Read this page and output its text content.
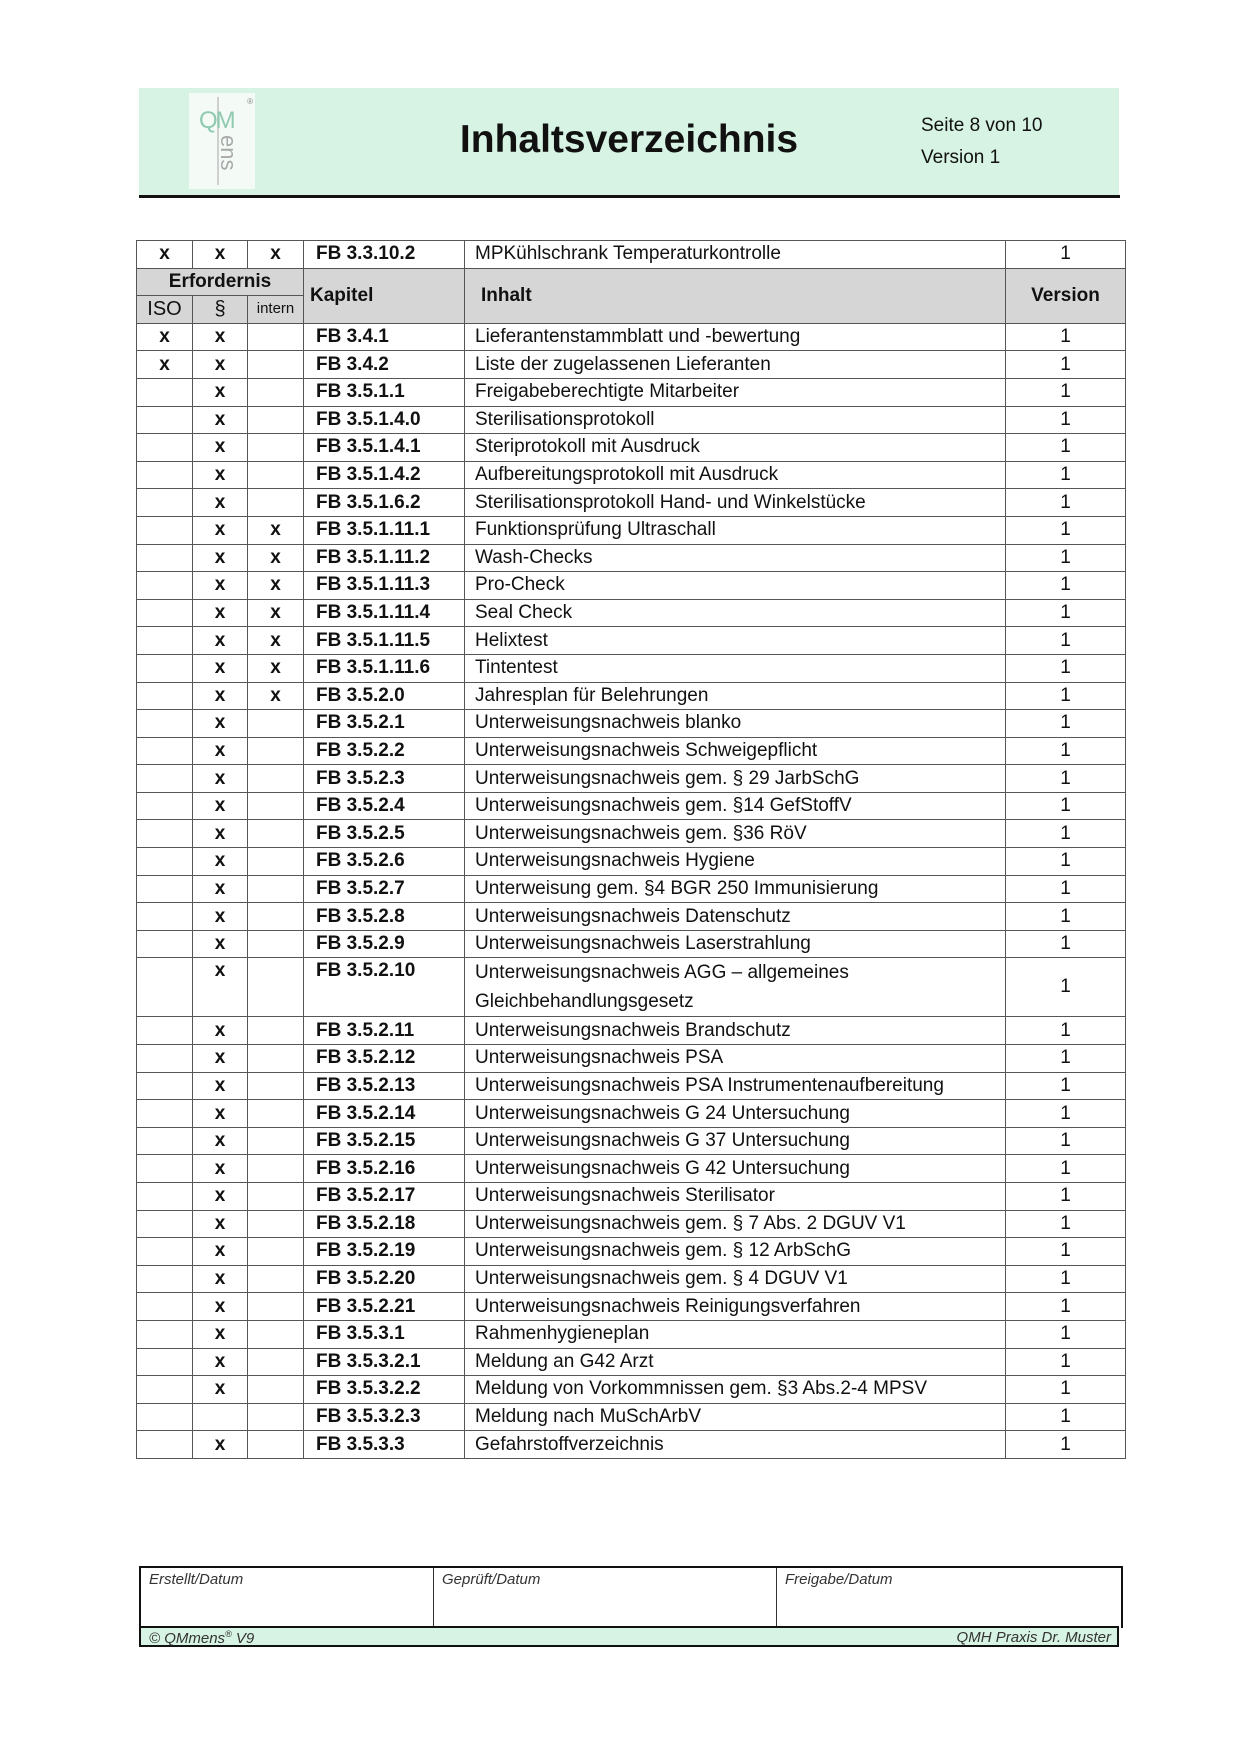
QM
ens
®
Inhaltsverzeichnis	Seite 8 von 10
Version 1
x	x	x	FB 3.3.10.2	MPKühlschrank Temperaturkontrolle	1
Erfordernis			Kapitel	Inhalt	Version
ISO	§	intern			
x	x		FB 3.4.1	Lieferantenstammblatt und -bewertung	1
x	x		FB 3.4.2	Liste der zugelassenen Lieferanten	1
	x		FB 3.5.1.1	Freigabeberechtigte Mitarbeiter	1
	x		FB 3.5.1.4.0	Sterilisationsprotokoll	1
	x		FB 3.5.1.4.1	Steriprotokoll mit Ausdruck	1
	x		FB 3.5.1.4.2	Aufbereitungsprotokoll mit Ausdruck	1
	x		FB 3.5.1.6.2	Sterilisationsprotokoll Hand- und Winkelstücke	1
	x	x	FB 3.5.1.11.1	Funktionsprüfung Ultraschall	1
	x	x	FB 3.5.1.11.2	Wash-Checks	1
	x	x	FB 3.5.1.11.3	Pro-Check	1
	x	x	FB 3.5.1.11.4	Seal Check	1
	x	x	FB 3.5.1.11.5	Helixtest	1
	x	x	FB 3.5.1.11.6	Tintentest	1
	x	x	FB 3.5.2.0	Jahresplan für Belehrungen	1
	x		FB 3.5.2.1	Unterweisungsnachweis blanko	1
	x		FB 3.5.2.2	Unterweisungsnachweis Schweigepflicht	1
	x		FB 3.5.2.3	Unterweisungsnachweis gem. § 29 JarbSchG	1
	x		FB 3.5.2.4	Unterweisungsnachweis gem. §14 GefStoffV	1
	x		FB 3.5.2.5	Unterweisungsnachweis gem. §36 RöV	1
	x		FB 3.5.2.6	Unterweisungsnachweis Hygiene	1
	x		FB 3.5.2.7	Unterweisung gem. §4 BGR 250 Immunisierung	1
	x		FB 3.5.2.8	Unterweisungsnachweis Datenschutz	1
	x		FB 3.5.2.9	Unterweisungsnachweis Laserstrahlung	1
	x		FB 3.5.2.10	Unterweisungsnachweis AGG – allgemeines Gleichbehandlungsgesetz	1
	x		FB 3.5.2.11	Unterweisungsnachweis Brandschutz	1
	x		FB 3.5.2.12	Unterweisungsnachweis PSA	1
	x		FB 3.5.2.13	Unterweisungsnachweis PSA Instrumentenaufbereitung	1
	x		FB 3.5.2.14	Unterweisungsnachweis G 24 Untersuchung	1
	x		FB 3.5.2.15	Unterweisungsnachweis G 37 Untersuchung	1
	x		FB 3.5.2.16	Unterweisungsnachweis G 42 Untersuchung	1
	x		FB 3.5.2.17	Unterweisungsnachweis Sterilisator	1
	x		FB 3.5.2.18	Unterweisungsnachweis gem. § 7 Abs. 2 DGUV V1	1
	x		FB 3.5.2.19	Unterweisungsnachweis gem. § 12 ArbSchG	1
	x		FB 3.5.2.20	Unterweisungsnachweis gem. § 4 DGUV V1	1
	x		FB 3.5.2.21	Unterweisungsnachweis Reinigungsverfahren	1
	x		FB 3.5.3.1	Rahmenhygieneplan	1
	x		FB 3.5.3.2.1	Meldung an G42 Arzt	1
	x		FB 3.5.3.2.2	Meldung von Vorkommnissen gem. §3 Abs.2-4 MPSV	1
			FB 3.5.3.2.3	Meldung nach MuSchArbV	1
	x		FB 3.5.3.3	Gefahrstoffverzeichnis	1
Erstellt/Datum	Geprüft/Datum	Freigabe/Datum
© QMmens® V9	QMH Praxis Dr. Muster
